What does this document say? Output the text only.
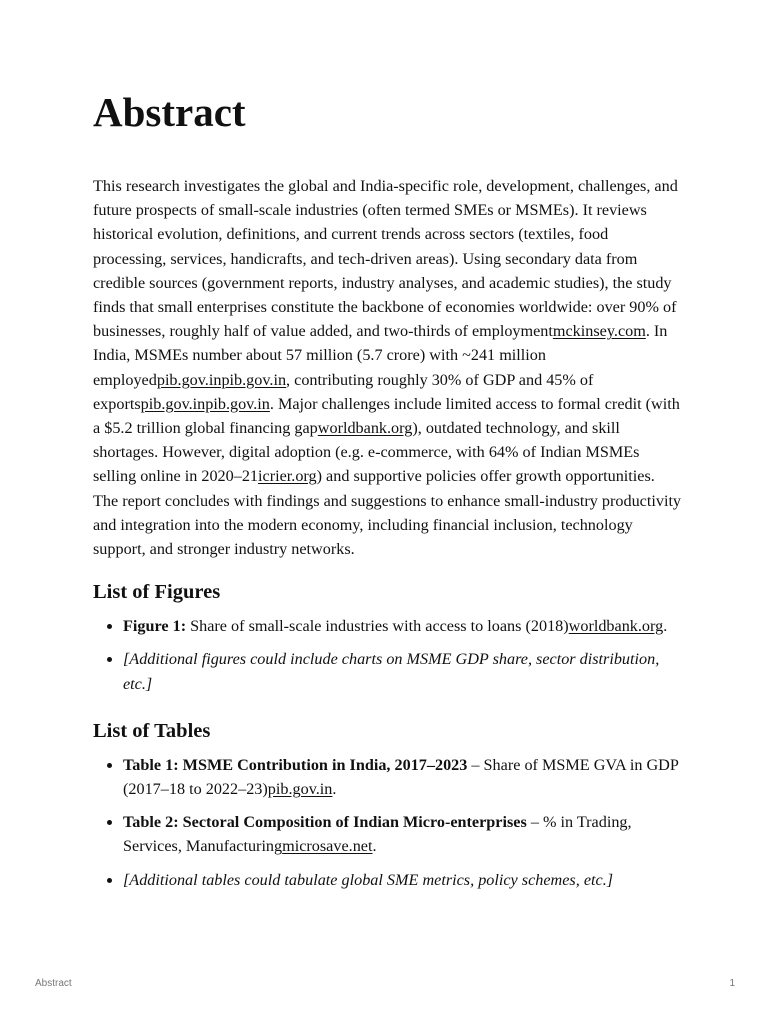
Abstract

This research investigates the global and India-specific role, development, challenges, and future prospects of small-scale industries (often termed SMEs or MSMEs). It reviews historical evolution, definitions, and current trends across sectors (textiles, food processing, services, handicrafts, and tech-driven areas). Using secondary data from credible sources (government reports, industry analyses, and academic studies), the study finds that small enterprises constitute the backbone of economies worldwide: over 90% of businesses, roughly half of value added, and two-thirds of employmentmckinsey.com. In India, MSMEs number about 57 million (5.7 crore) with ~241 million employedpib.gov.inpib.gov.in, contributing roughly 30% of GDP and 45% of exportspib.gov.inpib.gov.in. Major challenges include limited access to formal credit (with a $5.2 trillion global financing gapworldbank.org), outdated technology, and skill shortages. However, digital adoption (e.g. e-commerce, with 64% of Indian MSMEs selling online in 2020–21icrier.org) and supportive policies offer growth opportunities. The report concludes with findings and suggestions to enhance small-industry productivity and integration into the modern economy, including financial inclusion, technology support, and stronger industry networks.

List of Figures
• Figure 1: Share of small-scale industries with access to loans (2018)worldbank.org.
• [Additional figures could include charts on MSME GDP share, sector distribution, etc.]
List of Tables
• Table 1: MSME Contribution in India, 2017–2023 – Share of MSME GVA in GDP (2017–18 to 2022–23)pib.gov.in.
• Table 2: Sectoral Composition of Indian Micro-enterprises – % in Trading, Services, Manufacturingmicrosave.net.
• [Additional tables could tabulate global SME metrics, policy schemes, etc.]
Abstract	1
